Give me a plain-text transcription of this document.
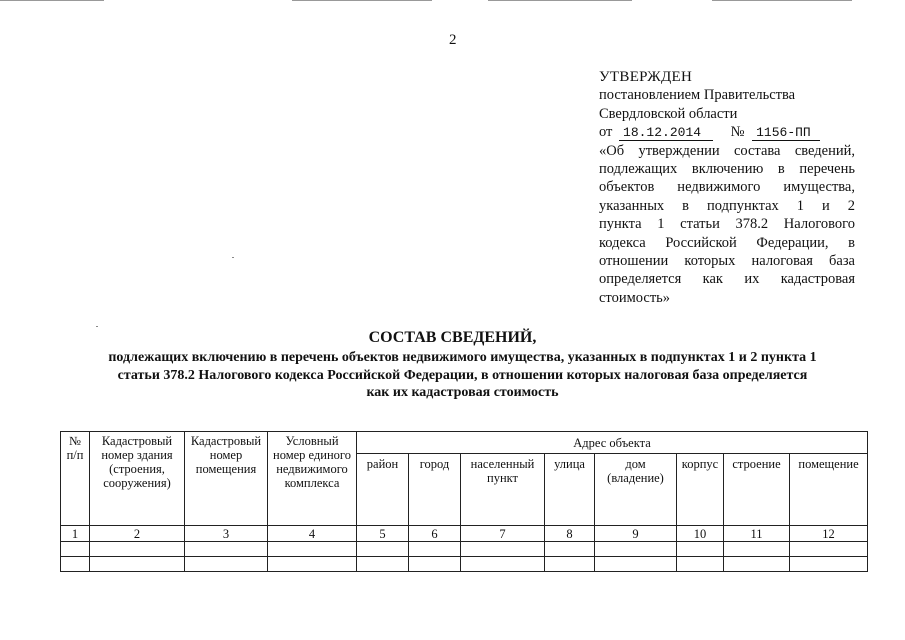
2
УТВЕРЖДЕН
постановлением Правительства
Свердловской области
от 18.12.2014 № 1156-ПП
«Об утверждении состава сведений,
подлежащих включению в перечень
объектов недвижимого имущества,
указанных в подпунктах 1 и 2
пункта 1 статьи 378.2 Налогового
кодекса Российской Федерации, в
отношении которых налоговая база
определяется как их кадастровая
стоимость»
СОСТАВ СВЕДЕНИЙ,
подлежащих включению в перечень объектов недвижимого имущества, указанных в подпунктах 1 и 2 пункта 1
статьи 378.2 Налогового кодекса Российской Федерации, в отношении которых налоговая база определяется
как их кадастровая стоимость
№ п/п	Кадастровый номер здания (строения, сооружения)	Кадастровый номер помещения	Условный номер единого недвижимого комплекса	Адрес объекта							
				район	город	населенный пункт	улица	дом (владение)	корпус	строение	помещение
1	2	3	4	5	6	7	8	9	10	11	12
